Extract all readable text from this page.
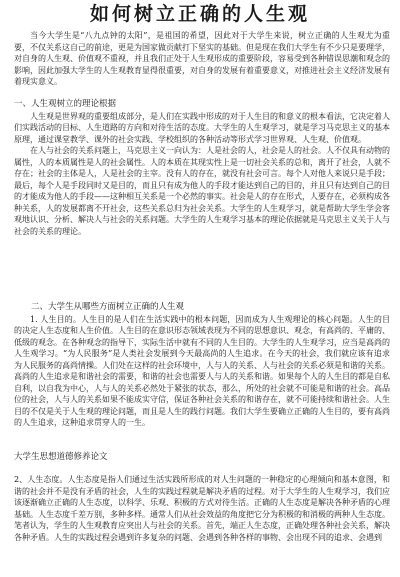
如何树立正确的人生观

当今大学生是“八九点钟的太阳”，是祖国的希望，因此对于大学生来说，树立正确的人生观尤为重要，不仅关系这自己的前途，更是为国家做贡献打下坚实的基础。但是现在我们大学生有不少只是要理学，对自身的人生观、价值观不重视，并且我们正处于人生观形成的重要阶段，容易受到各种错误思潮和观念的影响，因此加强大学生的人生观教育显得很重要，对自身的发展有着重要意义，对推进社会主义经济发展有着现实意义。

一、人生观树立的理论根据

人生观是世界观的重要组成部分，是人们在实践中形成的对于人生目的和意义的根本看法，它决定着人们实践活动的目标、人生道路的方向和对待生活的态度。大学生的人生观学习，就是学习马克思主义的基本原理，通过课堂教学、课外的社会实践、学校组织的各种活动等形式学习世界观、人生观、价值观。

在人与社会的关系问题上，马克思主义一向认为：人是社会的人，社会是人的社会。人不仅具有动物的属性，人的本质属性是人的社会属性。人的本质在其现实性上是一切社会关系的总和，离开了社会，人就不存在；社会的主体是人，人是社会的主宰。没有人的存在，就没有社会可言。每个人对他人来说只是手段；最后，每个人是手段同时又是目的，而且只有成为他人的手段才能达到自己的目的，并且只有达到自己的目的才能成为他人的手段——这种相互关系是一个必然的事实。社会是人的存在形式，人要存在，必须构成各种关系，人的发展都离不开社会，这些关系总归为社会关系。大学生的人生观学习，就是帮助大学生学会客观地认识、分析、解决人与社会的关系问题。大学生的人生观学习基本的理论依据就是马克思主义关于人与社会的关系的理论。

二、大学生从哪些方面树立正确的人生观

1. 人生目的。人生目的是人们在生活实践中的根本问题，因而成为人生观理论的核心问题。人生的目的决定人生态度和人生价值。人生目的在意识形态领域表现为不同的思想意识、观念，有高尚的、平庸的、低级的观念。在各种观念的指导下，实际生活中就有不同的人生目的。大学生的人生观学习，应当是高尚的人生观学习。“为人民服务”是人类社会发展到今天最高尚的人生追求。在今天的社会，我们就应该有追求为人民服务的高尚情操。人们处在这样的社会环境中，人与人的关系、人与社会的关系必须是和谐的关系。高尚的人生追求是和谐社会的需要，和谐的社会也需要人与人的关系和谐。如果每个人的人生目的都是自私自利，以自我为中心，人与人的关系必然处于紧张的状态，那么，所处的社会就不可能是和谐的社会。高品位的社会，人与人的关系如果不能成实守信，保证各种社会关系的和谐存在，就不可能持续和谐社会。人生目的不仅是关于人生观的理论问题，而且是人生的践行问题。我们大学生要确立正确的人生目的，要有高尚的人生追求，这种追求贯穿人的一生。

大学生思想道德修养论文

2、人生态度。人生态度是指人们通过生活实践所形成的对人生问题的一种稳定的心理倾向和基本意图，和谐的社会并不是没有矛盾的社会，人生的实践过程就是解决矛盾的过程。对于大学生的人生观学习，我们应该逐渐确立正确的人生态度，以科学、乐观、积极的方式对待生活。正确的人生态度是解决各种矛盾的心理基础。人生态度千差万别，多种多样。通常人们从社会效益的角度把它分为积极的和消极的两种人生态度。笔者认为，学生的人生观教育应突出人与社会的关系。首先，端正人生态度，正确处理各种社会关系，解决各种矛盾。人生的实践过程会遇到许多复杂的问题、会遇到各种各样的事物、会出现不同的追求、会遇到
